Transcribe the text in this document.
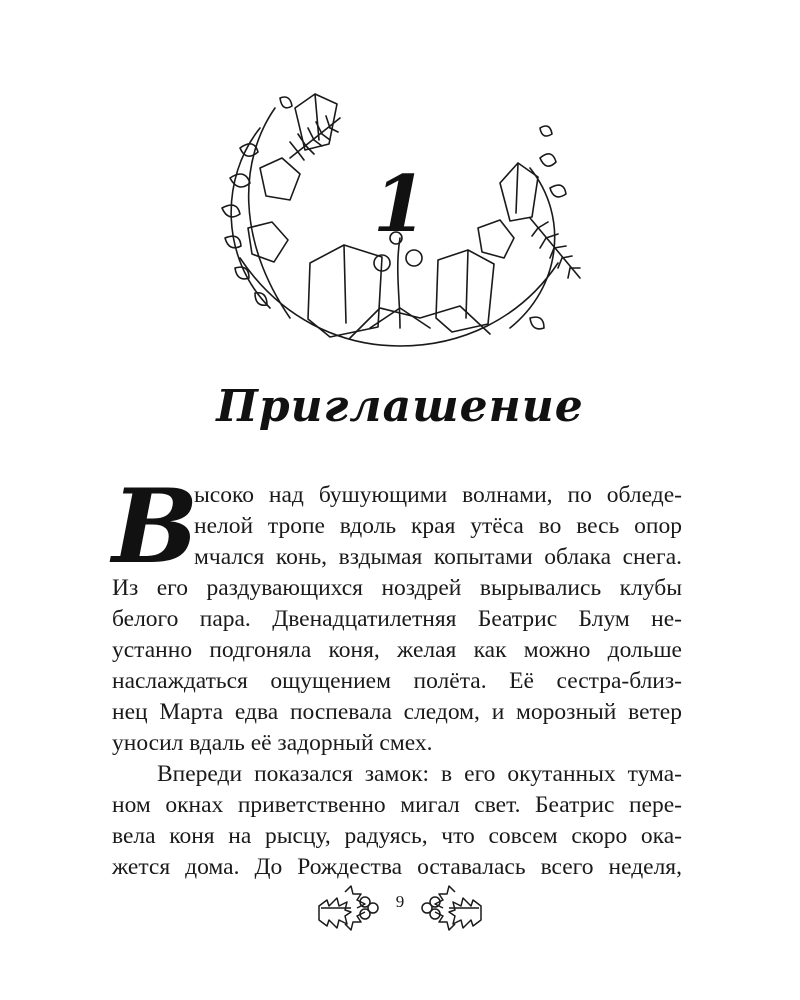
1
Приглашение
В
ысоко над бушующими волнами, по обледе-
нелой тропе вдоль края утёса во весь опор
мчался конь, вздымая копытами облака снега.
Из его раздувающихся ноздрей вырывались клубы
белого пара. Двенадцатилетняя Беатрис Блум не-
устанно подгоняла коня, желая как можно дольше
наслаждаться ощущением полёта. Её сестра-близ-
нец Марта едва поспевала следом, и морозный ветер
уносил вдаль её задорный смех.
Впереди показался замок: в его окутанных тума-
ном окнах приветственно мигал свет. Беатрис пере-
вела коня на рысцу, радуясь, что совсем скоро ока-
жется дома. До Рождества оставалась всего неделя,
9
